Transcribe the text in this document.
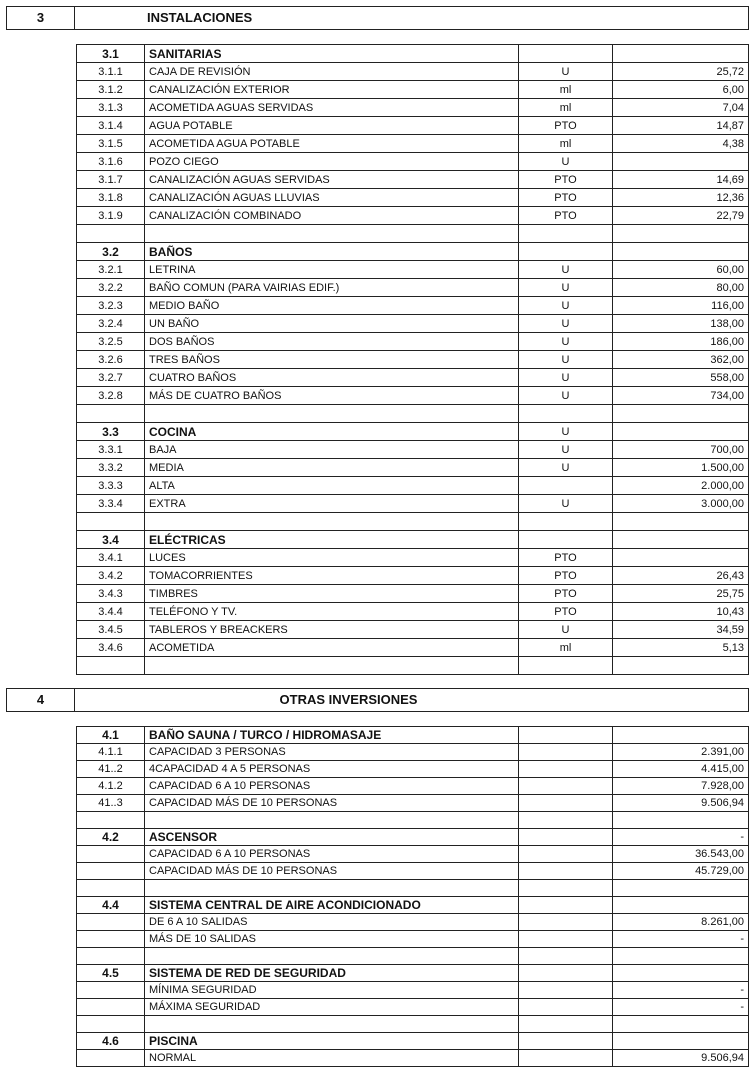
3	INSTALACIONES
3.1	SANITARIAS		
3.1.1	CAJA DE REVISIÓN	U	25,72
3.1.2	CANALIZACIÓN EXTERIOR	ml	6,00
3.1.3	ACOMETIDA AGUAS SERVIDAS	ml	7,04
3.1.4	AGUA POTABLE	PTO	14,87
3.1.5	ACOMETIDA AGUA POTABLE	ml	4,38
3.1.6	POZO CIEGO	U	
3.1.7	CANALIZACIÓN AGUAS SERVIDAS	PTO	14,69
3.1.8	CANALIZACIÓN AGUAS LLUVIAS	PTO	12,36
3.1.9	CANALIZACIÓN COMBINADO	PTO	22,79

3.2	BAÑOS		
3.2.1	LETRINA	U	60,00
3.2.2	BAÑO COMUN (PARA VAIRIAS EDIF.)	U	80,00
3.2.3	MEDIO BAÑO	U	116,00
3.2.4	UN BAÑO	U	138,00
3.2.5	DOS BAÑOS	U	186,00
3.2.6	TRES BAÑOS	U	362,00
3.2.7	CUATRO BAÑOS	U	558,00
3.2.8	MÁS DE CUATRO BAÑOS	U	734,00

3.3	COCINA	U	
3.3.1	BAJA	U	700,00
3.3.2	MEDIA	U	1.500,00
3.3.3	ALTA		2.000,00
3.3.4	EXTRA	U	3.000,00

3.4	ELÉCTRICAS		
3.4.1	LUCES	PTO	
3.4.2	TOMACORRIENTES	PTO	26,43
3.4.3	TIMBRES	PTO	25,75
3.4.4	TELÉFONO Y TV.	PTO	10,43
3.4.5	TABLEROS Y BREACKERS	U	34,59
3.4.6	ACOMETIDA	ml	5,13

4	OTRAS INVERSIONES
4.1	BAÑO SAUNA / TURCO / HIDROMASAJE		
4.1.1	CAPACIDAD 3 PERSONAS		2.391,00
41..2	4CAPACIDAD 4 A 5 PERSONAS		4.415,00
4.1.2	CAPACIDAD 6 A 10 PERSONAS		7.928,00
41..3	CAPACIDAD MÁS DE 10 PERSONAS		9.506,94

4.2	ASCENSOR		-
	CAPACIDAD 6 A 10 PERSONAS		36.543,00
	CAPACIDAD MÁS DE 10 PERSONAS		45.729,00

4.4	SISTEMA CENTRAL DE AIRE ACONDICIONADO		
	DE 6 A 10 SALIDAS		8.261,00
	MÁS DE 10 SALIDAS		-

4.5	SISTEMA DE RED DE SEGURIDAD		
	MÍNIMA SEGURIDAD		-
	MÁXIMA SEGURIDAD		-

4.6	PISCINA		
	NORMAL		9.506,94
